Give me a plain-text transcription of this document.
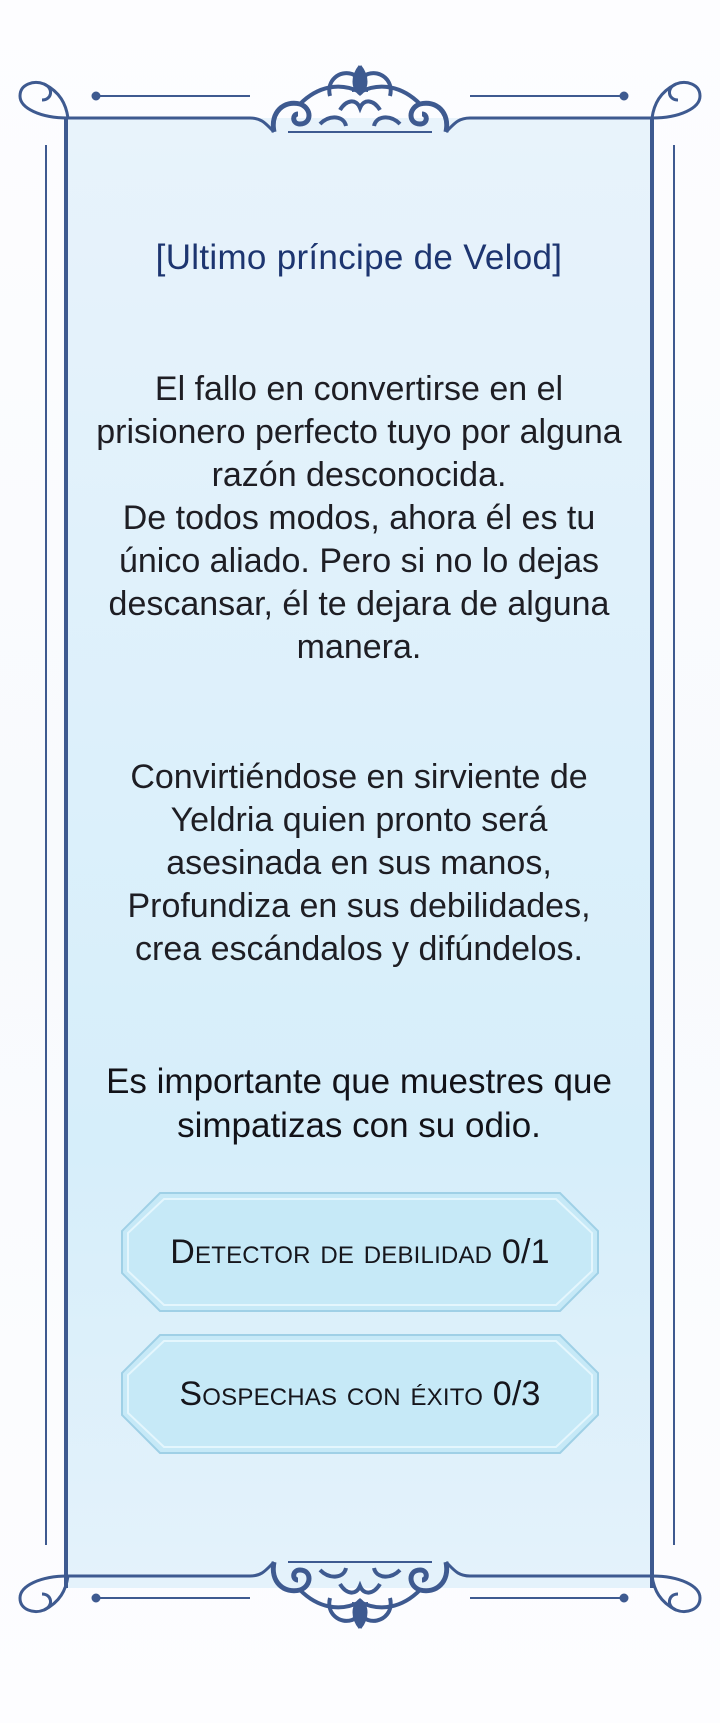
[Ultimo príncipe de Velod]
El fallo en convertirse en el
prisionero perfecto tuyo por alguna
razón desconocida.
De todos modos, ahora él es tu
único aliado. Pero si no lo dejas
descansar, él te dejara de alguna
manera.
Convirtiéndose en sirviente de
Yeldria quien pronto será
asesinada en sus manos,
Profundiza en sus debilidades,
crea escándalos y difúndelos.
Es importante que muestres que
simpatizas con su odio.
Detector de debilidad 0/1
Sospechas con éxito 0/3
